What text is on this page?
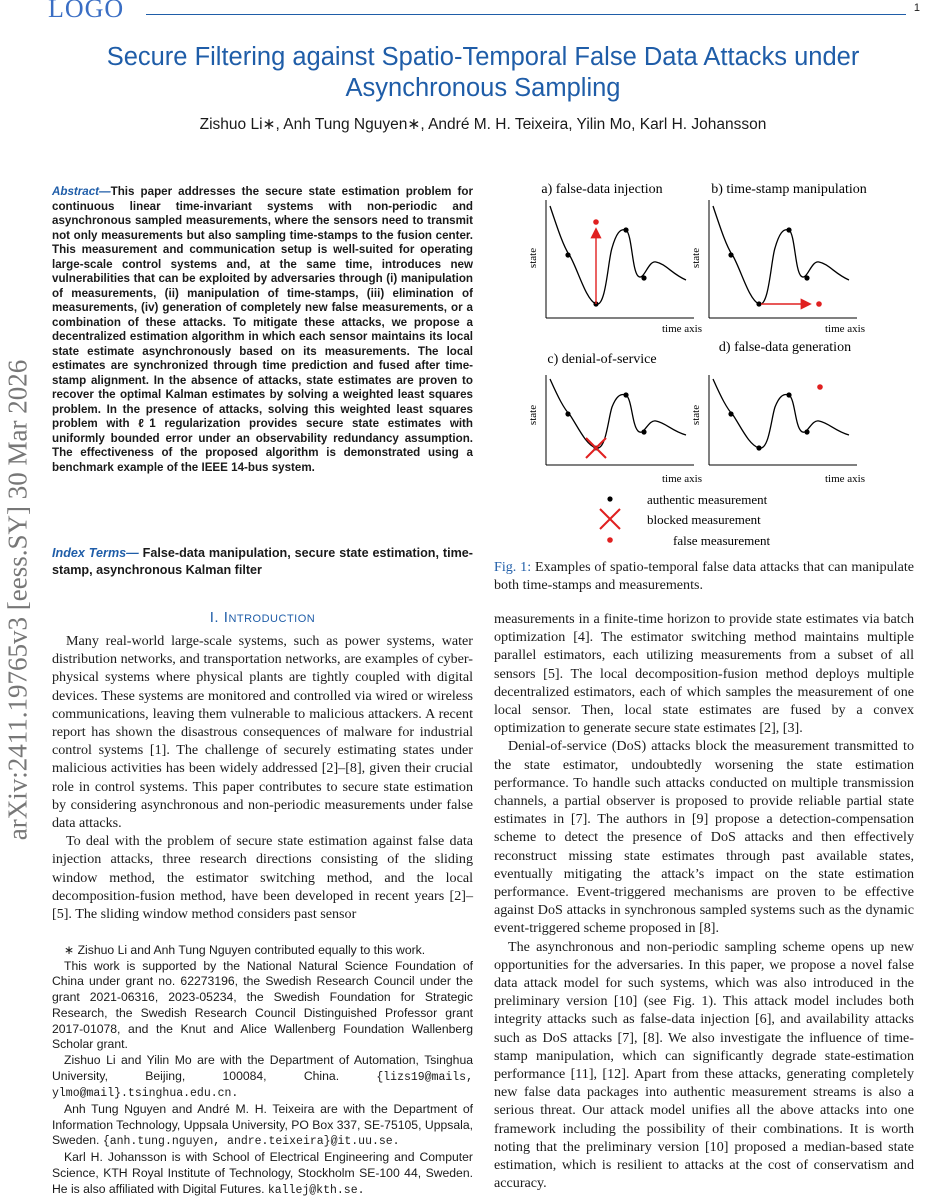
LOGO	1
Secure Filtering against Spatio-Temporal False Data Attacks under Asynchronous Sampling
Zishuo Li∗, Anh Tung Nguyen∗, André M. H. Teixeira, Yilin Mo, Karl H. Johansson
arXiv:2411.19765v3 [eess.SY] 30 Mar 2026
Abstract—This paper addresses the secure state estimation problem for continuous linear time-invariant systems with non-periodic and asynchronous sampled measurements, where the sensors need to transmit not only measurements but also sampling time-stamps to the fusion center. This measurement and communication setup is well-suited for operating large-scale control systems and, at the same time, introduces new vulnerabilities that can be exploited by adversaries through (i) manipulation of measurements, (ii) manipulation of time-stamps, (iii) elimination of measurements, (iv) generation of completely new false measurements, or a combination of these attacks. To mitigate these attacks, we propose a decentralized estimation algorithm in which each sensor maintains its local state estimate asynchronously based on its measurements. The local estimates are synchronized through time prediction and fused after time-stamp alignment. In the absence of attacks, state estimates are proven to recover the optimal Kalman estimates by solving a weighted least squares problem. In the presence of attacks, solving this weighted least squares problem with ℓ1 regularization provides secure state estimates with uniformly bounded error under an observability redundancy assumption. The effectiveness of the proposed algorithm is demonstrated using a benchmark example of the IEEE 14-bus system.
Index Terms— False-data manipulation, secure state estimation, time-stamp, asynchronous Kalman filter
I. Introduction

Many real-world large-scale systems, such as power systems, water distribution networks, and transportation networks, are examples of cyber-physical systems where physical plants are tightly coupled with digital devices. These systems are monitored and controlled via wired or wireless communications, leaving them vulnerable to malicious attackers. A recent report has shown the disastrous consequences of malware for industrial control systems [1]. The challenge of securely estimating states under malicious activities has been widely addressed [2]–[8], given their crucial role in control systems. This paper contributes to secure state estimation by considering asynchronous and non-periodic measurements under false data attacks.

To deal with the problem of secure state estimation against false data injection attacks, three research directions consisting of the sliding window method, the estimator switching method, and the local decomposition-fusion method, have been developed in recent years [2]–[5]. The sliding window method considers past sensor

∗ Zishuo Li and Anh Tung Nguyen contributed equally to this work.

This work is supported by the National Natural Science Foundation of China under grant no. 62273196, the Swedish Research Council under the grant 2021-06316, 2023-05234, the Swedish Foundation for Strategic Research, the Swedish Research Council Distinguished Professor grant 2017-01078, and the Knut and Alice Wallenberg Foundation Wallenberg Scholar grant.

Zishuo Li and Yilin Mo are with the Department of Automation, Tsinghua University, Beijing, 100084, China.	{lizs19@mails, ylmo@mail}.tsinghua.edu.cn.

Anh Tung Nguyen and André M. H. Teixeira are with the Department of Information Technology, Uppsala University, PO Box 337, SE-75105, Uppsala, Sweden. {anh.tung.nguyen, andre.teixeira}@it.uu.se.

Karl H. Johansson is with School of Electrical Engineering and Computer Science, KTH Royal Institute of Technology, Stockholm SE-100 44, Sweden. He is also affiliated with Digital Futures. kallej@kth.se.

a) false-data injection
state
time axis
b) time-stamp manipulation
state
time axis
c) denial-of-service
state
time axis
d) false-data generation
state
time axis
authentic measurement
blocked measurement
false measurement
Fig. 1: Examples of spatio-temporal false data attacks that can manipulate both time-stamps and measurements.

measurements in a finite-time horizon to provide state estimates via batch optimization [4]. The estimator switching method maintains multiple parallel estimators, each utilizing measurements from a subset of all sensors [5]. The local decomposition-fusion method deploys multiple decentralized estimators, each of which samples the measurement of one local sensor. Then, local state estimates are fused by a convex optimization to generate secure state estimates [2], [3].

Denial-of-service (DoS) attacks block the measurement transmitted to the state estimator, undoubtedly worsening the state estimation performance. To handle such attacks conducted on multiple transmission channels, a partial observer is proposed to provide reliable partial state estimates in [7]. The authors in [9] propose a detection-compensation scheme to detect the presence of DoS attacks and then effectively reconstruct missing state estimates through past available states, eventually mitigating the attack’s impact on the state estimation performance. Event-triggered mechanisms are proven to be effective against DoS attacks in synchronous sampled systems such as the dynamic event-triggered scheme proposed in [8].

The asynchronous and non-periodic sampling scheme opens up new opportunities for the adversaries. In this paper, we propose a novel false data attack model for such systems, which was also introduced in the preliminary version [10] (see Fig. 1). This attack model includes both integrity attacks such as false-data injection [6], and availability attacks such as DoS attacks [7], [8]. We also investigate the influence of time-stamp manipulation, which can significantly degrade state-estimation performance [11], [12]. Apart from these attacks, generating completely new false data packages into authentic measurement streams is also a serious threat. Our attack model unifies all the above attacks into one framework including the possibility of their combinations. It is worth noting that the preliminary version [10] proposed a median-based state estimation, which is resilient to attacks at the cost of conservatism and accuracy.
